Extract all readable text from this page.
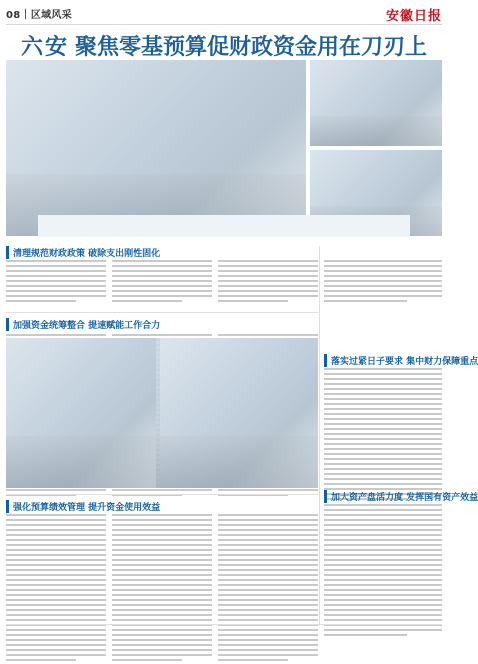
08｜区域风采	安徽日报
六安 聚焦零基预算促财政资金用在刀刃上
清理规范财政政策 破除支出刚性固化
加强资金统筹整合 提速赋能工作合力
落实过紧日子要求 集中财力保障重点
加大资产盘活力度 发挥国有资产效益
强化预算绩效管理 提升资金使用效益
